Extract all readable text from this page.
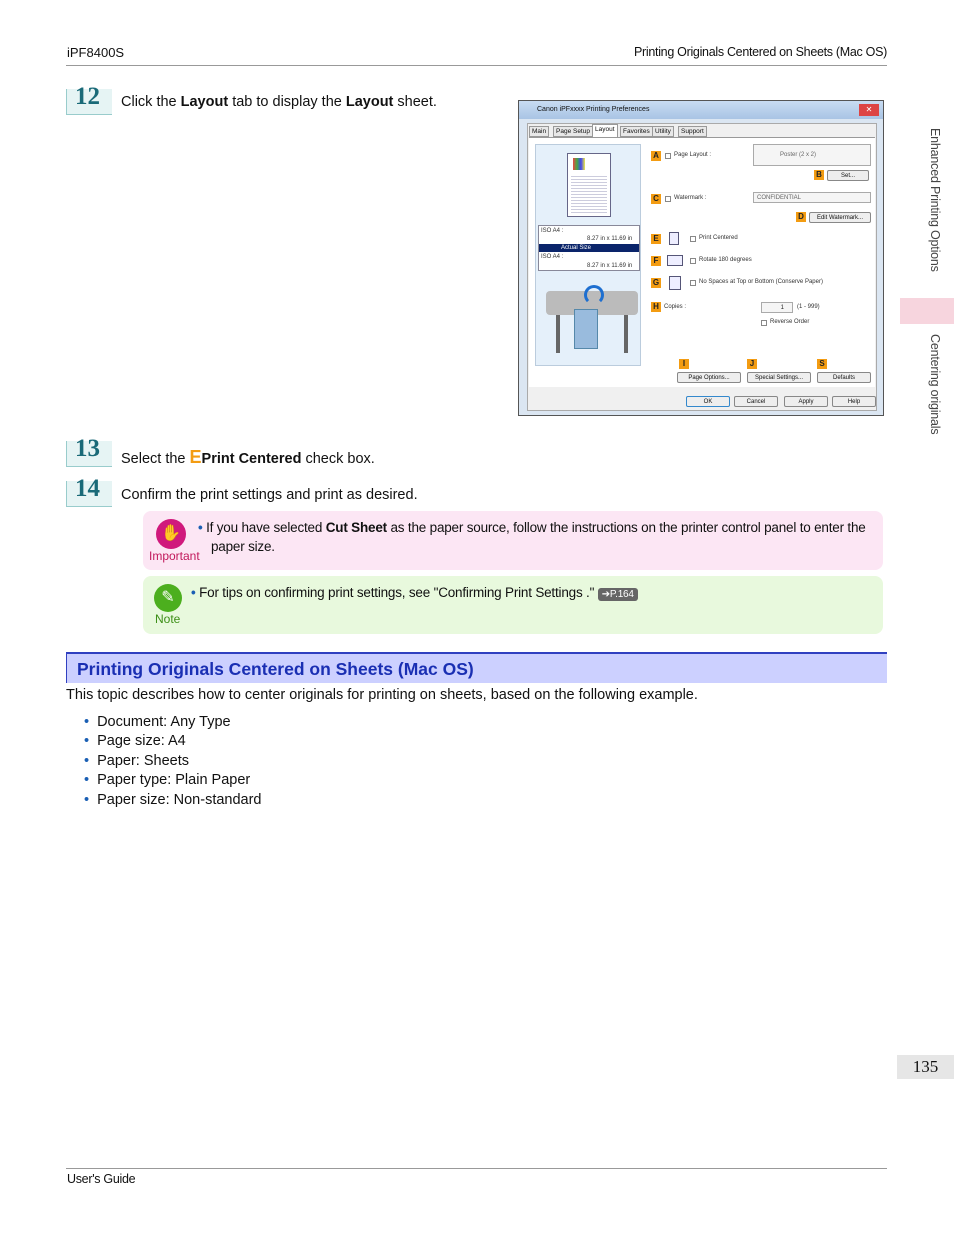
iPF8400S	Printing Originals Centered on Sheets (Mac OS)
Enhanced Printing Options
Centering originals
12 Click the Layout tab to display the Layout sheet.	Canon iPFxxxx Printing Preferences	✕
Main	Page Setup Layout	Favorites Utility	Support
ISO A4 :
8.27 in x 11.69 in
Actual Size
ISO A4 :
8.27 in x 11.69 in
A	Page Layout :	Poster (2 x 2)
B	Set...
C	Watermark :	CONFIDENTIAL
D	Edit Watermark...
E	Print Centered
F	Rotate 180 degrees
G	No Spaces at Top or Bottom (Conserve Paper)
H Copies :	1	(1 - 999)
Reverse Order
I	J	S
Page Options...	Special Settings...	Defaults
OK	Cancel	Apply	Help
13 Select the EPrint Centered check box.
14 Confirm the print settings and print as desired.
✋
Important
• If you have selected Cut Sheet as the paper source, follow the instructions on the printer control panel to enter the
paper size.
✎
Note
• For tips on confirming print settings, see "Confirming Print Settings ." ➔P.164
Printing Originals Centered on Sheets (Mac OS)
This topic describes how to center originals for printing on sheets, based on the following example.
• Document: Any Type
• Page size: A4
• Paper: Sheets
• Paper type: Plain Paper
• Paper size: Non-standard
135
User's Guide
